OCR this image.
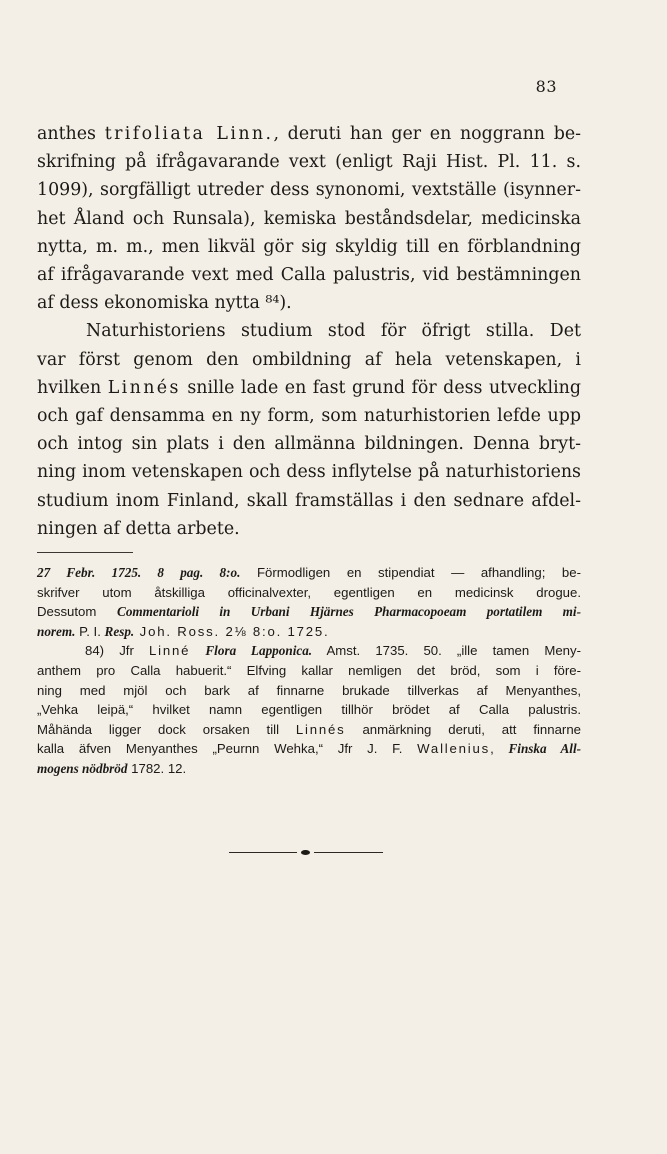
83
anthes trifoliata Linn., deruti han ger en noggrann be-
skrifning på ifrågavarande vext (enligt Raji Hist. Pl. 11. s.
1099), sorgfälligt utreder dess synonomi, vextställe (isynner-
het Åland och Runsala), kemiska beståndsdelar, medicinska
nytta, m. m., men likväl gör sig skyldig till en förblandning
af ifrågavarande vext med Calla palustris, vid bestämningen
af dess ekonomiska nytta ⁸⁴).
Naturhistoriens studium stod för öfrigt stilla. Det
var först genom den ombildning af hela vetenskapen, i
hvilken Linnés snille lade en fast grund för dess utveckling
och gaf densamma en ny form, som naturhistorien lefde upp
och intog sin plats i den allmänna bildningen. Denna bryt-
ning inom vetenskapen och dess inflytelse på naturhistoriens
studium inom Finland, skall framställas i den sednare afdel-
ningen af detta arbete.
27 Febr. 1725. 8 pag. 8:o. Förmodligen en stipendiat — afhandling; be-
skrifver utom åtskilliga officinalvexter, egentligen en medicinsk drogue.
Dessutom Commentarioli in Urbani Hjärnes Pharmacopoeam portatilem mi-
norem. P. I. Resp. Joh. Ross. 2⅛ 8:o. 1725.
84) Jfr Linné Flora Lapponica. Amst. 1735. 50. „ille tamen Meny-
anthem pro Calla habuerit.“ Elfving kallar nemligen det bröd, som i före-
ning med mjöl och bark af finnarne brukade tillverkas af Menyanthes,
„Vehka leipä,“ hvilket namn egentligen tillhör brödet af Calla palustris.
Måhända ligger dock orsaken till Linnés anmärkning deruti, att finnarne
kalla äfven Menyanthes „Peurnn Wehka,“ Jfr J. F. Wallenius, Finska All-
mogens nödbröd 1782. 12.
